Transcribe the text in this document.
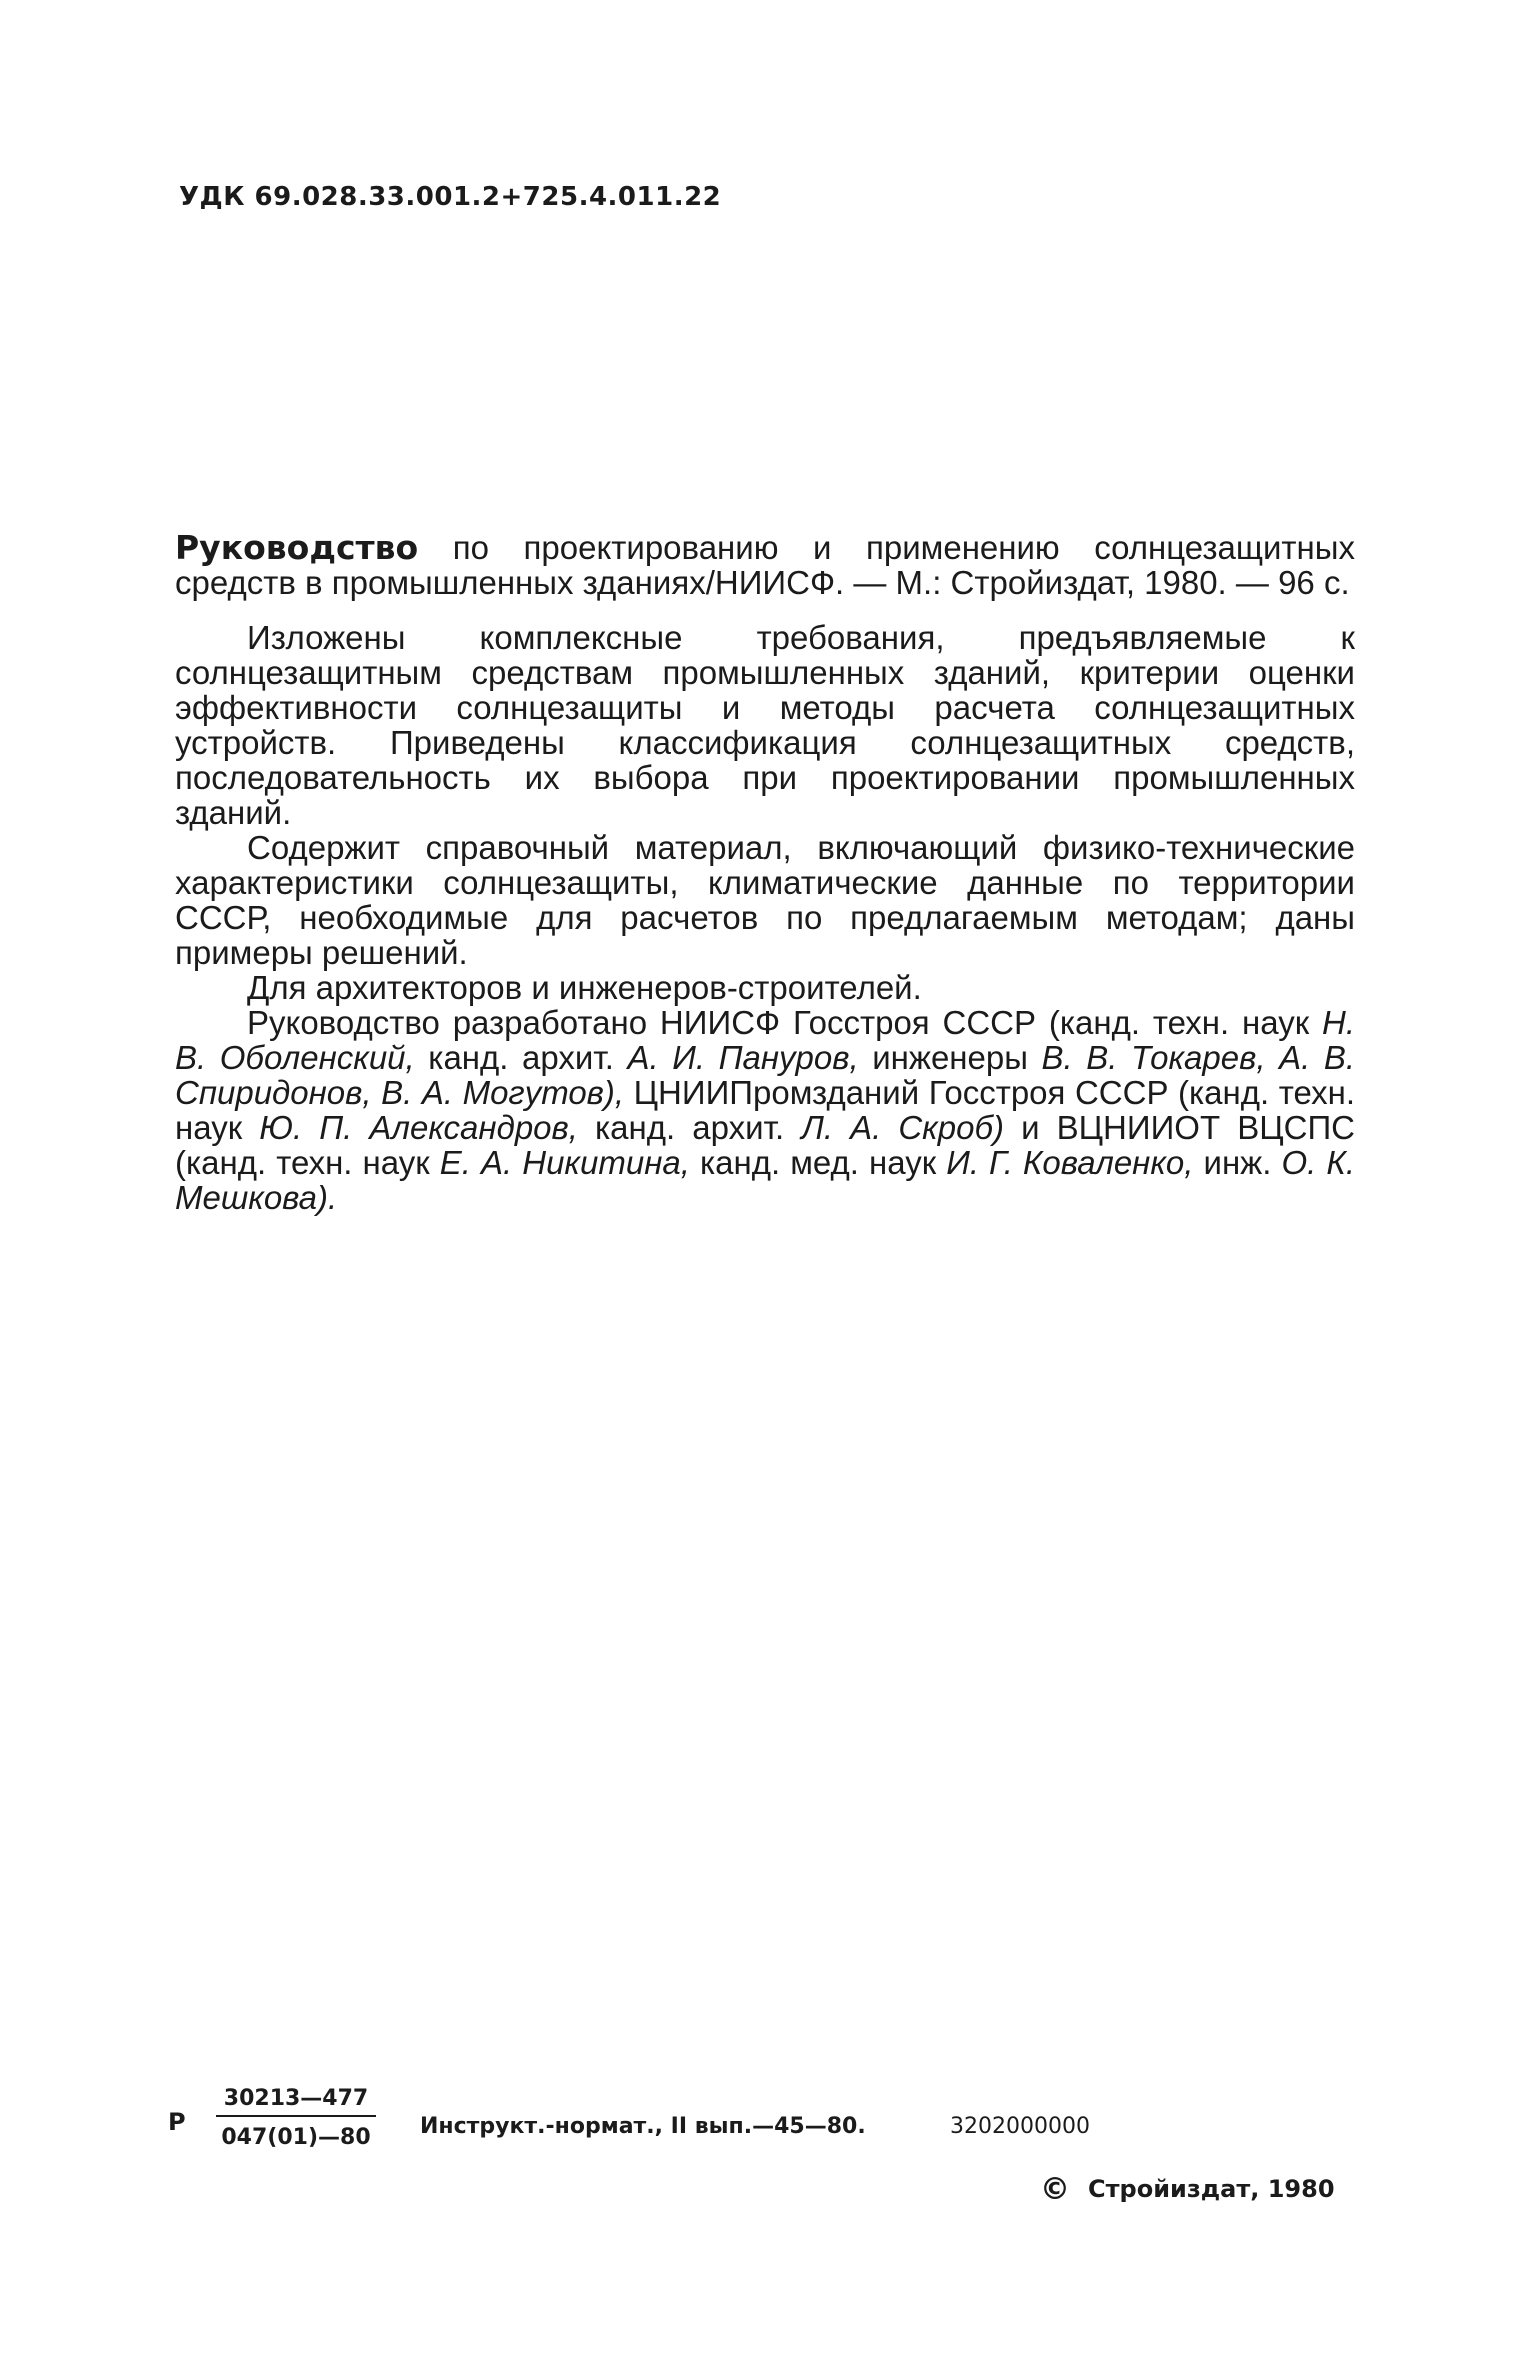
УДК 69.028.33.001.2+725.4.011.22

Руководство по проектированию и применению солнцезащитных средств в промышленных зданиях/НИИСФ. — М.: Стройиздат, 1980. — 96 с.

Изложены комплексные требования, предъявляемые к солнцезащитным средствам промышленных зданий, критерии оценки эффективности солнцезащиты и методы расчета солнцезащитных устройств. Приведены классификация солнцезащитных средств, последовательность их выбора при проектировании промышленных зданий.

Содержит справочный материал, включающий физико-технические характеристики солнцезащиты, климатические данные по территории СССР, необходимые для расчетов по предлагаемым методам; даны примеры решений.

Для архитекторов и инженеров-строителей.

Руководство разработано НИИСФ Госстроя СССР (канд. техн. наук Н. В. Оболенский, канд. архит. А. И. Пануров, инженеры В. В. Токарев, А. В. Спиридонов, В. А. Могутов), ЦНИИПромзданий Госстроя СССР (канд. техн. наук Ю. П. Александров, канд. архит. Л. А. Скроб) и ВЦНИИОТ ВЦСПС (канд. техн. наук Е. А. Никитина, канд. мед. наук И. Г. Коваленко, инж. О. К. Мешкова).

Р $\frac{30213—477}{047(01)—80}$ Инструкт.-нормат., II вып.—45—80.	3202000000
© Стройиздат, 1980
